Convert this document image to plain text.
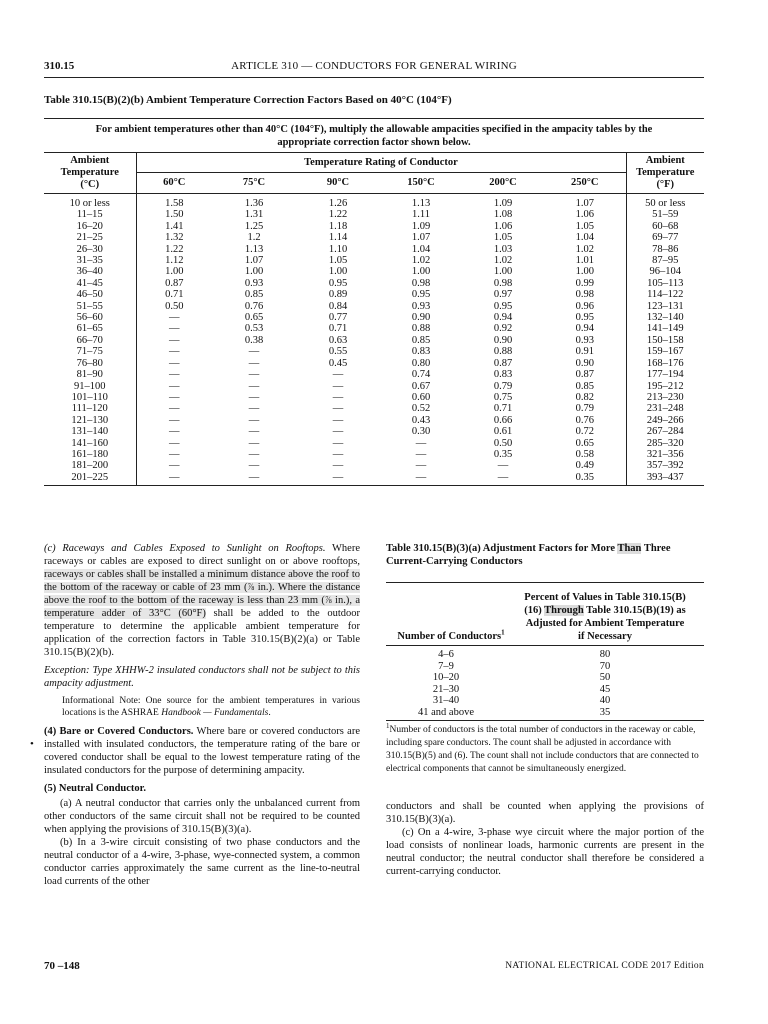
310.15	ARTICLE 310 — CONDUCTORS FOR GENERAL WIRING
Table 310.15(B)(2)(b) Ambient Temperature Correction Factors Based on 40°C (104°F)
For ambient temperatures other than 40°C (104°F), multiply the allowable ampacities specified in the ampacity tables by the appropriate correction factor shown below.
Ambient Temperature (°C)	Temperature Rating of Conductor						Ambient Temperature (°F)
	60°C	75°C	90°C	150°C	200°C	250°C	
10 or less	1.58	1.36	1.26	1.13	1.09	1.07	50 or less
11–15	1.50	1.31	1.22	1.11	1.08	1.06	51–59
16–20	1.41	1.25	1.18	1.09	1.06	1.05	60–68
21–25	1.32	1.2	1.14	1.07	1.05	1.04	69–77
26–30	1.22	1.13	1.10	1.04	1.03	1.02	78–86
31–35	1.12	1.07	1.05	1.02	1.02	1.01	87–95
36–40	1.00	1.00	1.00	1.00	1.00	1.00	96–104
41–45	0.87	0.93	0.95	0.98	0.98	0.99	105–113
46–50	0.71	0.85	0.89	0.95	0.97	0.98	114–122
51–55	0.50	0.76	0.84	0.93	0.95	0.96	123–131
56–60	—	0.65	0.77	0.90	0.94	0.95	132–140
61–65	—	0.53	0.71	0.88	0.92	0.94	141–149
66–70	—	0.38	0.63	0.85	0.90	0.93	150–158
71–75	—	—	0.55	0.83	0.88	0.91	159–167
76–80	—	—	0.45	0.80	0.87	0.90	168–176
81–90	—	—	—	0.74	0.83	0.87	177–194
91–100	—	—	—	0.67	0.79	0.85	195–212
101–110	—	—	—	0.60	0.75	0.82	213–230
111–120	—	—	—	0.52	0.71	0.79	231–248
121–130	—	—	—	0.43	0.66	0.76	249–266
131–140	—	—	—	0.30	0.61	0.72	267–284
141–160	—	—	—	—	0.50	0.65	285–320
161–180	—	—	—	—	0.35	0.58	321–356
181–200	—	—	—	—	—	0.49	357–392
201–225	—	—	—	—	—	0.35	393–437

(c) Raceways and Cables Exposed to Sunlight on Rooftops. Where raceways or cables are exposed to direct sunlight on or above rooftops, raceways or cables shall be installed a minimum distance above the roof to the bottom of the raceway or cable of 23 mm (⅞ in.). Where the distance above the roof to the bottom of the raceway is less than 23 mm (⅞ in.), a temperature adder of 33°C (60°F) shall be added to the outdoor temperature to determine the applicable ambient temperature for application of the correction factors in Table 310.15(B)(2)(a) or Table 310.15(B)(2)(b).

Exception: Type XHHW-2 insulated conductors shall not be subject to this ampacity adjustment.

Informational Note: One source for the ambient temperatures in various locations is the ASHRAE Handbook — Fundamentals.

(4) Bare or Covered Conductors. Where bare or covered conductors are installed with insulated conductors, the temperature rating of the bare or covered conductor shall be equal to the lowest temperature rating of the insulated conductors for the purpose of determining ampacity.

(5) Neutral Conductor.

(a) A neutral conductor that carries only the unbalanced current from other conductors of the same circuit shall not be required to be counted when applying the provisions of 310.15(B)(3)(a).

(b) In a 3-wire circuit consisting of two phase conductors and the neutral conductor of a 4-wire, 3-phase, wye-connected system, a common conductor carries approximately the same current as the line-to-neutral load currents of the other

•
Table 310.15(B)(3)(a) Adjustment Factors for More Than Three Current-Carrying Conductors
Number of Conductors$^1$	Percent of Values in Table 310.15(B)(16) Through Table 310.15(B)(19) as Adjusted for Ambient Temperature if Necessary
4–6	80
7–9	70
10–20	50
21–30	45
31–40	40
41 and above	35
$^1$Number of conductors is the total number of conductors in the raceway or cable, including spare conductors. The count shall be adjusted in accordance with 310.15(B)(5) and (6). The count shall not include conductors that are connected to electrical components that cannot be simultaneously energized.

conductors and shall be counted when applying the provisions of 310.15(B)(3)(a).

(c) On a 4-wire, 3-phase wye circuit where the major portion of the load consists of nonlinear loads, harmonic currents are present in the neutral conductor; the neutral conductor shall therefore be considered a current-carrying conductor.

70 –148	NATIONAL ELECTRICAL CODE 2017 Edition
